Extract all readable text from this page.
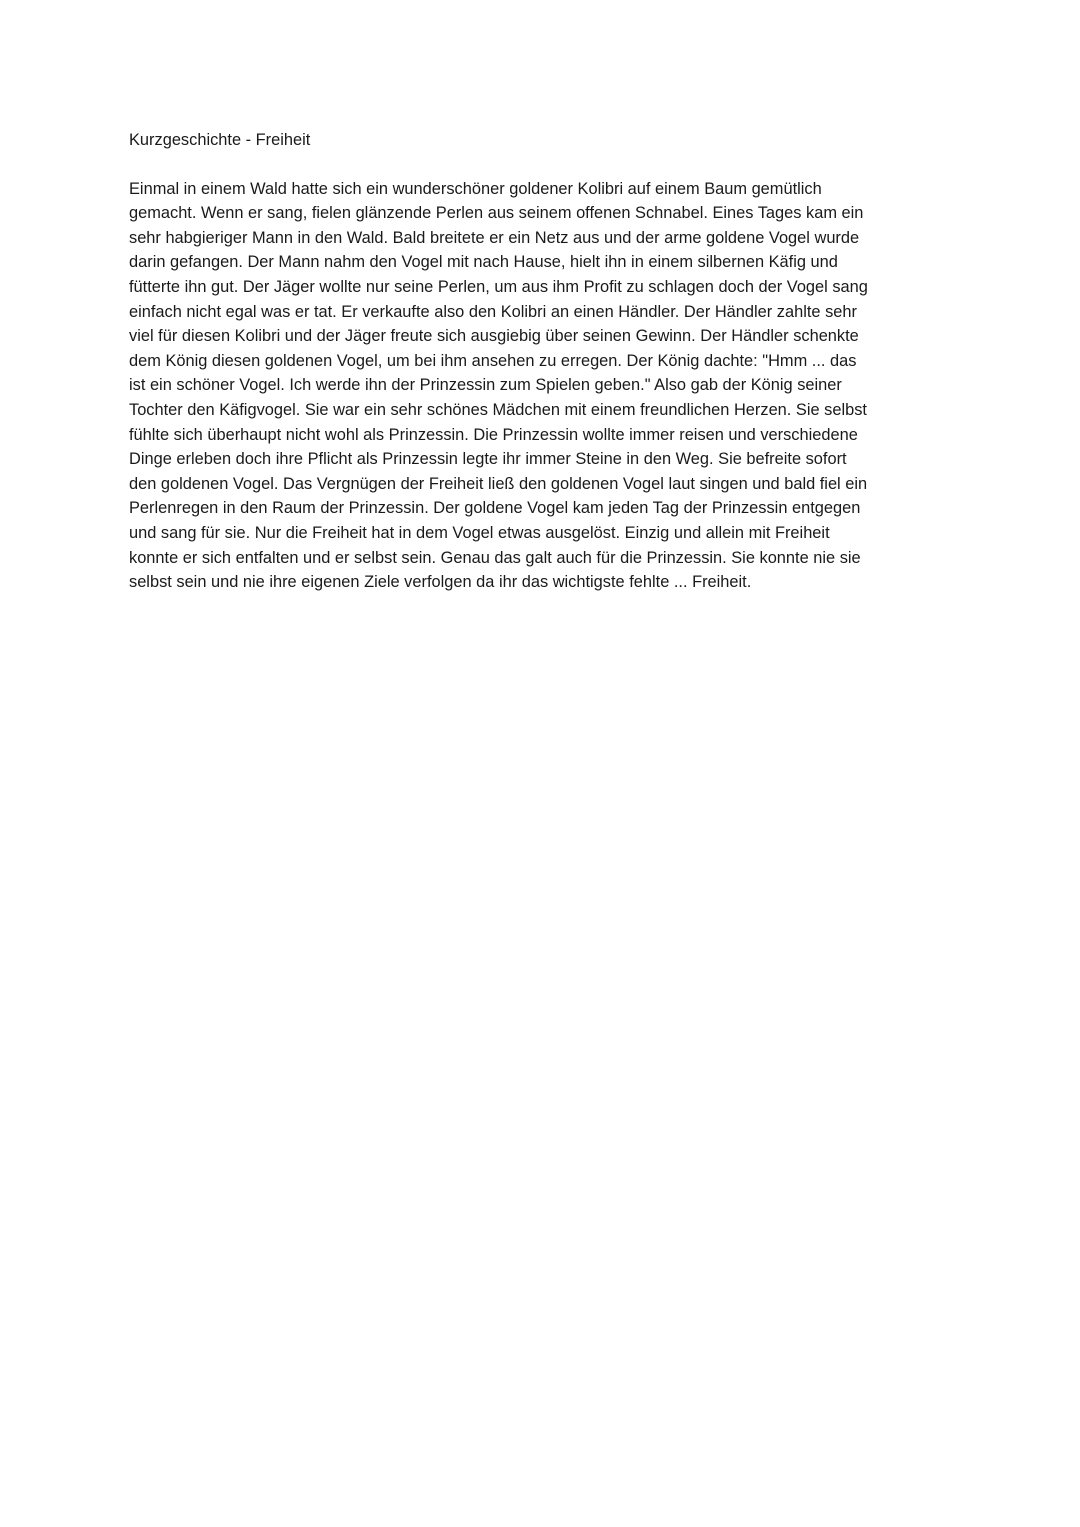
Kurzgeschichte - Freiheit
Einmal in einem Wald hatte sich ein wunderschöner goldener Kolibri auf einem Baum gemütlich
gemacht. Wenn er sang, fielen glänzende Perlen aus seinem offenen Schnabel. Eines Tages kam ein
sehr habgieriger Mann in den Wald. Bald breitete er ein Netz aus und der arme goldene Vogel wurde
darin gefangen. Der Mann nahm den Vogel mit nach Hause, hielt ihn in einem silbernen Käfig und
fütterte ihn gut. Der Jäger wollte nur seine Perlen, um aus ihm Profit zu schlagen doch der Vogel sang
einfach nicht egal was er tat. Er verkaufte also den Kolibri an einen Händler. Der Händler zahlte sehr
viel für diesen Kolibri und der Jäger freute sich ausgiebig über seinen Gewinn. Der Händler schenkte
dem König diesen goldenen Vogel, um bei ihm ansehen zu erregen. Der König dachte: "Hmm ... das
ist ein schöner Vogel. Ich werde ihn der Prinzessin zum Spielen geben." Also gab der König seiner
Tochter den Käfigvogel. Sie war ein sehr schönes Mädchen mit einem freundlichen Herzen. Sie selbst
fühlte sich überhaupt nicht wohl als Prinzessin. Die Prinzessin wollte immer reisen und verschiedene
Dinge erleben doch ihre Pflicht als Prinzessin legte ihr immer Steine in den Weg. Sie befreite sofort
den goldenen Vogel. Das Vergnügen der Freiheit ließ den goldenen Vogel laut singen und bald fiel ein
Perlenregen in den Raum der Prinzessin. Der goldene Vogel kam jeden Tag der Prinzessin entgegen
und sang für sie. Nur die Freiheit hat in dem Vogel etwas ausgelöst. Einzig und allein mit Freiheit
konnte er sich entfalten und er selbst sein. Genau das galt auch für die Prinzessin. Sie konnte nie sie
selbst sein und nie ihre eigenen Ziele verfolgen da ihr das wichtigste fehlte ... Freiheit.
